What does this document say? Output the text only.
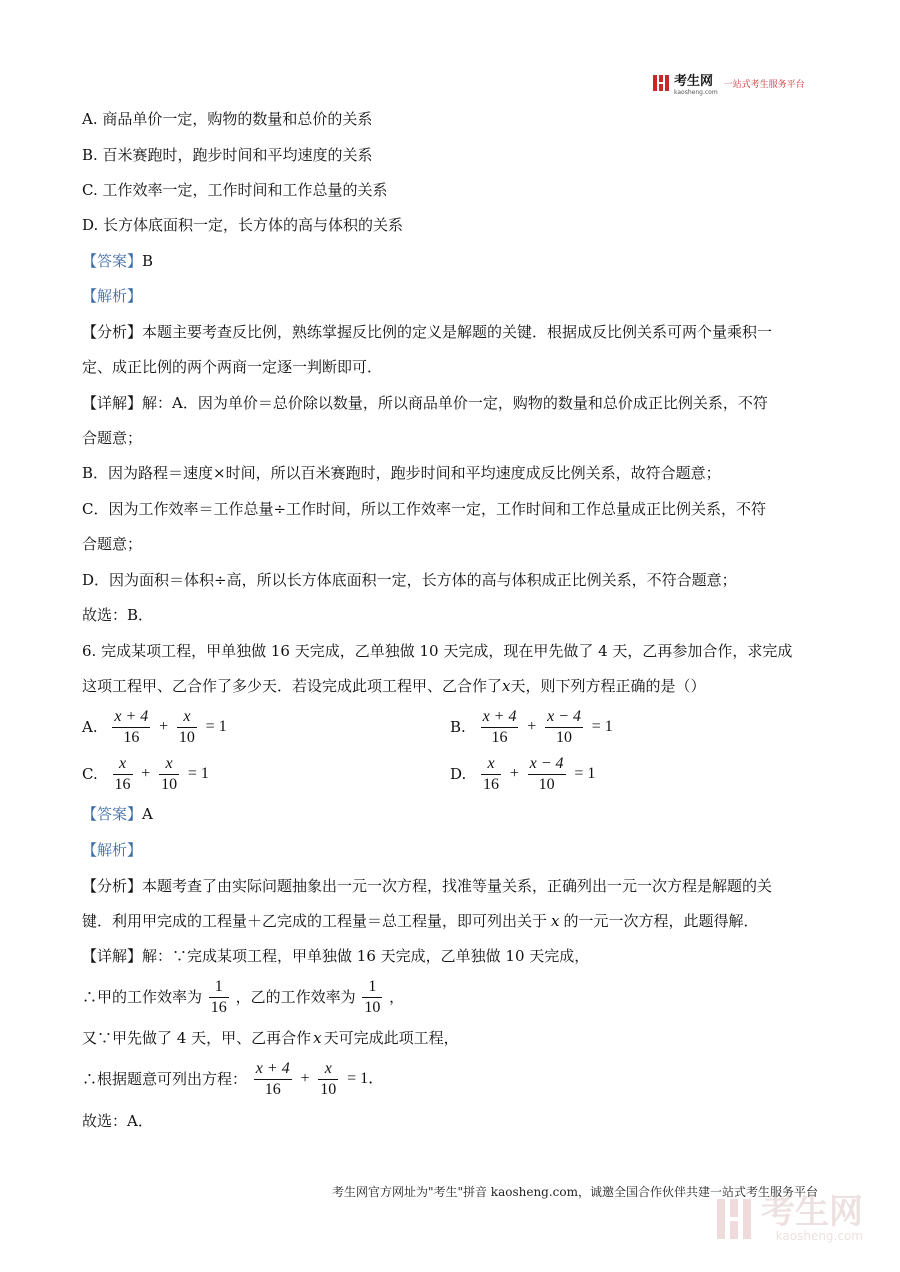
考生网
kaosheng.com
一站式考生服务平台
A. 商品单价一定，购物的数量和总价的关系
B. 百米赛跑时，跑步时间和平均速度的关系
C. 工作效率一定，工作时间和工作总量的关系
D. 长方体底面积一定，长方体的高与体积的关系
【答案】B
【解析】
【分析】本题主要考查反比例，熟练掌握反比例的定义是解题的关键．根据成反比例关系可两个量乘积一
定、成正比例的两个两商一定逐一判断即可．
【详解】解：A．因为单价＝总价除以数量，所以商品单价一定，购物的数量和总价成正比例关系，不符
合题意；
B．因为路程＝速度×时间，所以百米赛跑时，跑步时间和平均速度成反比例关系，故符合题意；
C．因为工作效率＝工作总量÷工作时间，所以工作效率一定，工作时间和工作总量成正比例关系，不符
合题意；
D．因为面积＝体积÷高，所以长方体底面积一定，长方体的高与体积成正比例关系，不符合题意；
故选：B．
6. 完成某项工程，甲单独做 16 天完成，乙单独做 10 天完成，现在甲先做了 4 天，乙再参加合作，求完成
这项工程甲、乙合作了多少天．若设完成此项工程甲、乙合作了x天，则下列方程正确的是（）
A. $\frac{x + 4}{16} + \frac{x}{10} = 1$	B. $\frac{x + 4}{16} + \frac{x - 4}{10} = 1$
C. $\frac{x}{16} + \frac{x}{10} = 1$	D. $\frac{x}{16} + \frac{x - 4}{10} = 1$
【答案】A
【解析】
【分析】本题考查了由实际问题抽象出一元一次方程，找准等量关系，正确列出一元一次方程是解题的关
键．利用甲完成的工程量＋乙完成的工程量＝总工程量，即可列出关于 x 的一元一次方程，此题得解．
【详解】解：∵完成某项工程，甲单独做 16 天完成，乙单独做 10 天完成，
∴甲的工作效率为 $\frac{1}{16}$ ，乙的工作效率为 $\frac{1}{10}$ ，
又∵甲先做了 4 天，甲、乙再合作 x 天可完成此项工程，
∴根据题意可列出方程： $\frac{x + 4}{16} + \frac{x}{10} = 1$．
故选：A．
考生网官方网址为"考生"拼音 kaosheng.com，诚邀全国合作伙伴共建一站式考生服务平台
考生网
kaosheng.com
